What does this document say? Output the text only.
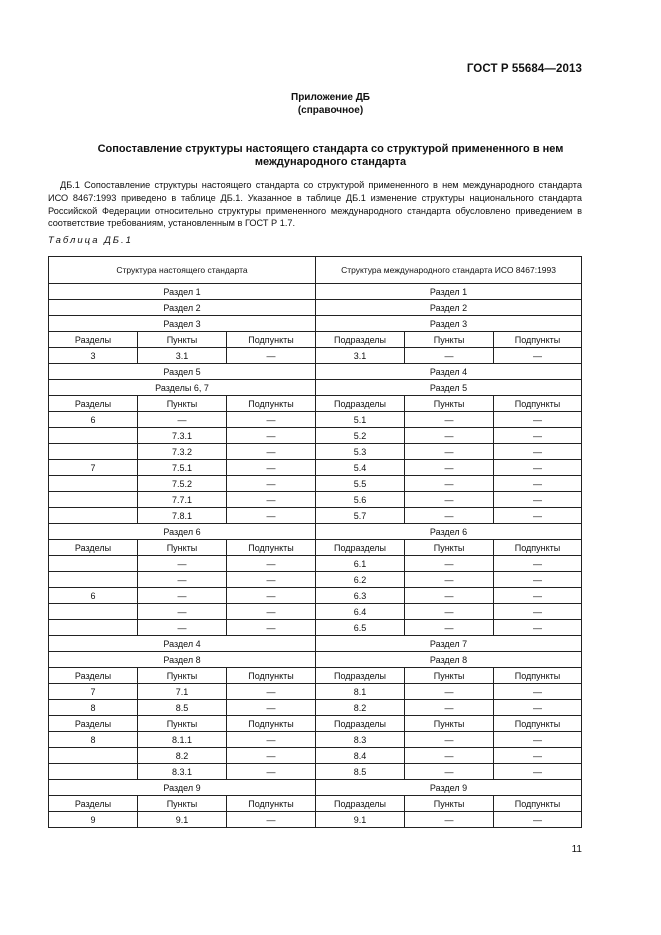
ГОСТ Р 55684—2013
Приложение ДБ
(справочное)
Сопоставление структуры настоящего стандарта со структурой примененного в нем международного стандарта
ДБ.1 Сопоставление структуры настоящего стандарта со структурой примененного в нем международного стандарта ИСО 8467:1993 приведено в таблице ДБ.1. Указанное в таблице ДБ.1 изменение структуры национального стандарта Российской Федерации относительно структуры примененного международного стандарта обусловлено приведением в соответствие требованиям, установленным в ГОСТ Р 1.7.
Таблица ДБ.1
Структура настоящего стандарта			Структура международного стандарта ИСО 8467:1993		
Раздел 1			Раздел 1		
Раздел 2			Раздел 2		
Раздел 3			Раздел 3		
Разделы	Пункты	Подпункты	Подразделы	Пункты	Подпункты
3	3.1	—	3.1	—	—
Раздел 5			Раздел 4		
Разделы 6, 7			Раздел 5		
Разделы	Пункты	Подпункты	Подразделы	Пункты	Подпункты
6	—	—	5.1	—	—
	7.3.1	—	5.2	—	—
	7.3.2	—	5.3	—	—
7	7.5.1	—	5.4	—	—
	7.5.2	—	5.5	—	—
	7.7.1	—	5.6	—	—
	7.8.1	—	5.7	—	—
Раздел 6			Раздел 6		
Разделы	Пункты	Подпункты	Подразделы	Пункты	Подпункты
	—	—	6.1	—	—
	—	—	6.2	—	—
6	—	—	6.3	—	—
	—	—	6.4	—	—
	—	—	6.5	—	—
Раздел 4			Раздел 7		
Раздел 8			Раздел 8		
Разделы	Пункты	Подпункты	Подразделы	Пункты	Подпункты
7	7.1	—	8.1	—	—
8	8.5	—	8.2	—	—
Разделы	Пункты	Подпункты	Подразделы	Пункты	Подпункты
8	8.1.1	—	8.3	—	—
	8.2	—	8.4	—	—
	8.3.1	—	8.5	—	—
Раздел 9			Раздел 9		
Разделы	Пункты	Подпункты	Подразделы	Пункты	Подпункты
9	9.1	—	9.1	—	—
11
